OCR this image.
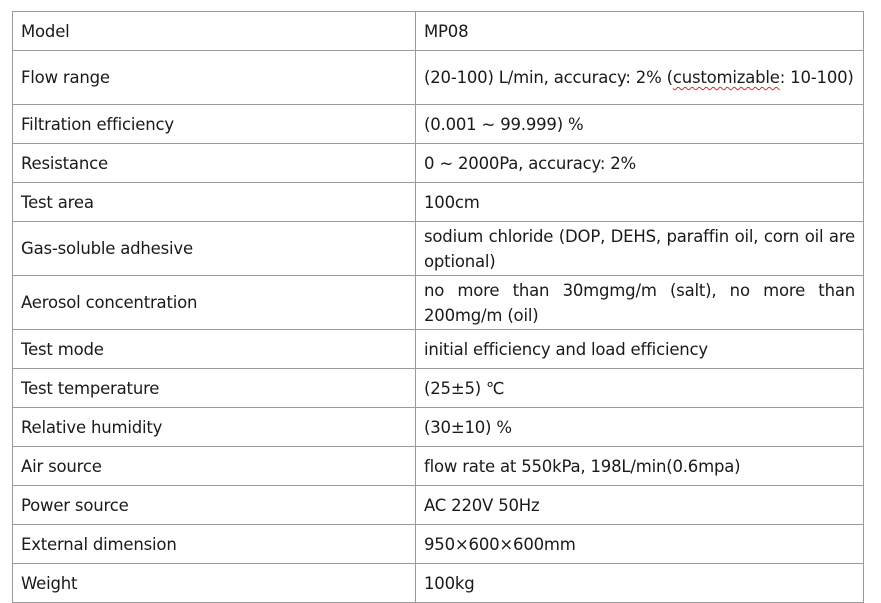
Model	MP08
Flow range	(20-100) L/min, accuracy: 2% (customizable: 10-100)
Filtration efficiency	(0.001 ~ 99.999) %
Resistance	0 ~ 2000Pa, accuracy: 2%
Test area	100cm
Gas-soluble adhesive	sodium chloride (DOP, DEHS, paraffin oil, corn oil are optional)
Aerosol concentration	no more than 30mgmg/m (salt), no more than 200mg/m (oil)
Test mode	initial efficiency and load efficiency
Test temperature	(25±5) ℃
Relative humidity	(30±10) %
Air source	flow rate at 550kPa, 198L/min(0.6mpa)
Power source	AC 220V 50Hz
External dimension	950×600×600mm
Weight	100kg
